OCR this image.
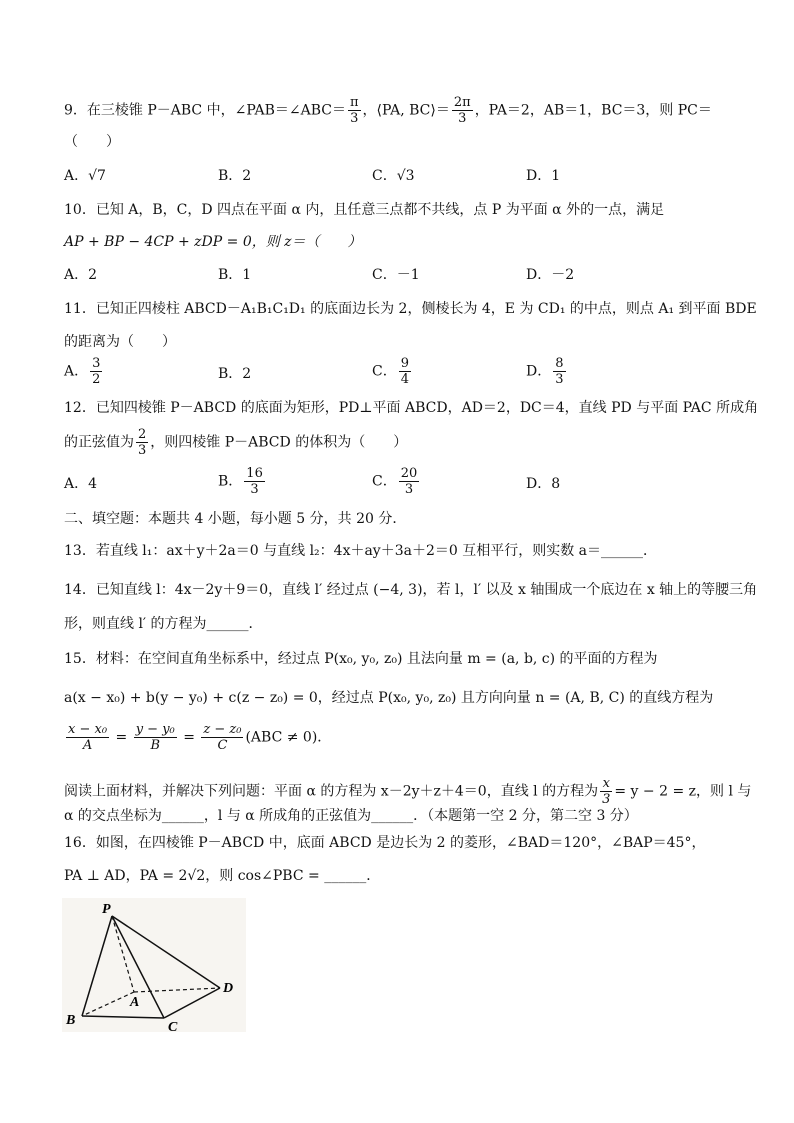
9．在三棱锥 P－ABC 中，∠PAB＝∠ABC＝ $\frac{\pi}{3}$ ，⟨PA, BC⟩＝ $\frac{2\pi}{3}$ ，PA＝2，AB＝1，BC＝3，则 PC＝
（　　）
A．√7	B．2	C．√3	D．1
10．已知 A，B，C，D 四点在平面 α 内，且任意三点都不共线，点 P 为平面 α 外的一点，满足
AP + BP − 4CP + zDP = 0，则 z＝（　　）
A．2	B．1	C．－1	D．－2
11．已知正四棱柱 ABCD－A₁B₁C₁D₁ 的底面边长为 2，侧棱长为 4，E 为 CD₁ 的中点，则点 A₁ 到平面 BDE
的距离为（　　）
A． $\frac{3}{2}$	B．2	C． $\frac{9}{4}$	D． $\frac{8}{3}$
12．已知四棱锥 P－ABCD 的底面为矩形，PD⊥平面 ABCD，AD＝2，DC＝4，直线 PD 与平面 PAC 所成角
的正弦值为 $\frac{2}{3}$ ，则四棱锥 P－ABCD 的体积为（　　）
A．4	B． $\frac{16}{3}$	C． $\frac{20}{3}$	D．8
二、填空题：本题共 4 小题，每小题 5 分，共 20 分．
13．若直线 l₁：ax＋y＋2a＝0 与直线 l₂：4x＋ay＋3a＋2＝0 互相平行，则实数 a＝______．
14．已知直线 l：4x－2y＋9＝0，直线 l′ 经过点 (−4, 3)，若 l，l′ 以及 x 轴围成一个底边在 x 轴上的等腰三角
形，则直线 l′ 的方程为______．
15．材料：在空间直角坐标系中，经过点 P(x₀, y₀, z₀) 且法向量 m = (a, b, c) 的平面的方程为
a(x − x₀) + b(y − y₀) + c(z − z₀) = 0，经过点 P(x₀, y₀, z₀) 且方向向量 n = (A, B, C) 的直线方程为
$\frac{\text{x − x₀}}{A} = \frac{\text{y − y₀}}{B} = \frac{\text{z − z₀}}{C} (ABC \ne 0)$．
阅读上面材料，并解决下列问题：平面 α 的方程为 x－2y＋z＋4＝0，直线 l 的方程为 $\frac{x}{3} = y - 2 = z$，则 l 与
α 的交点坐标为______，l 与 α 所成角的正弦值为______．（本题第一空 2 分，第二空 3 分）
16．如图，在四棱锥 P－ABCD 中，底面 ABCD 是边长为 2 的菱形，∠BAD＝120°，∠BAP＝45°，
PA ⊥ AD，PA = 2√2，则 cos∠PBC = ______．
P
A
B	C
D
